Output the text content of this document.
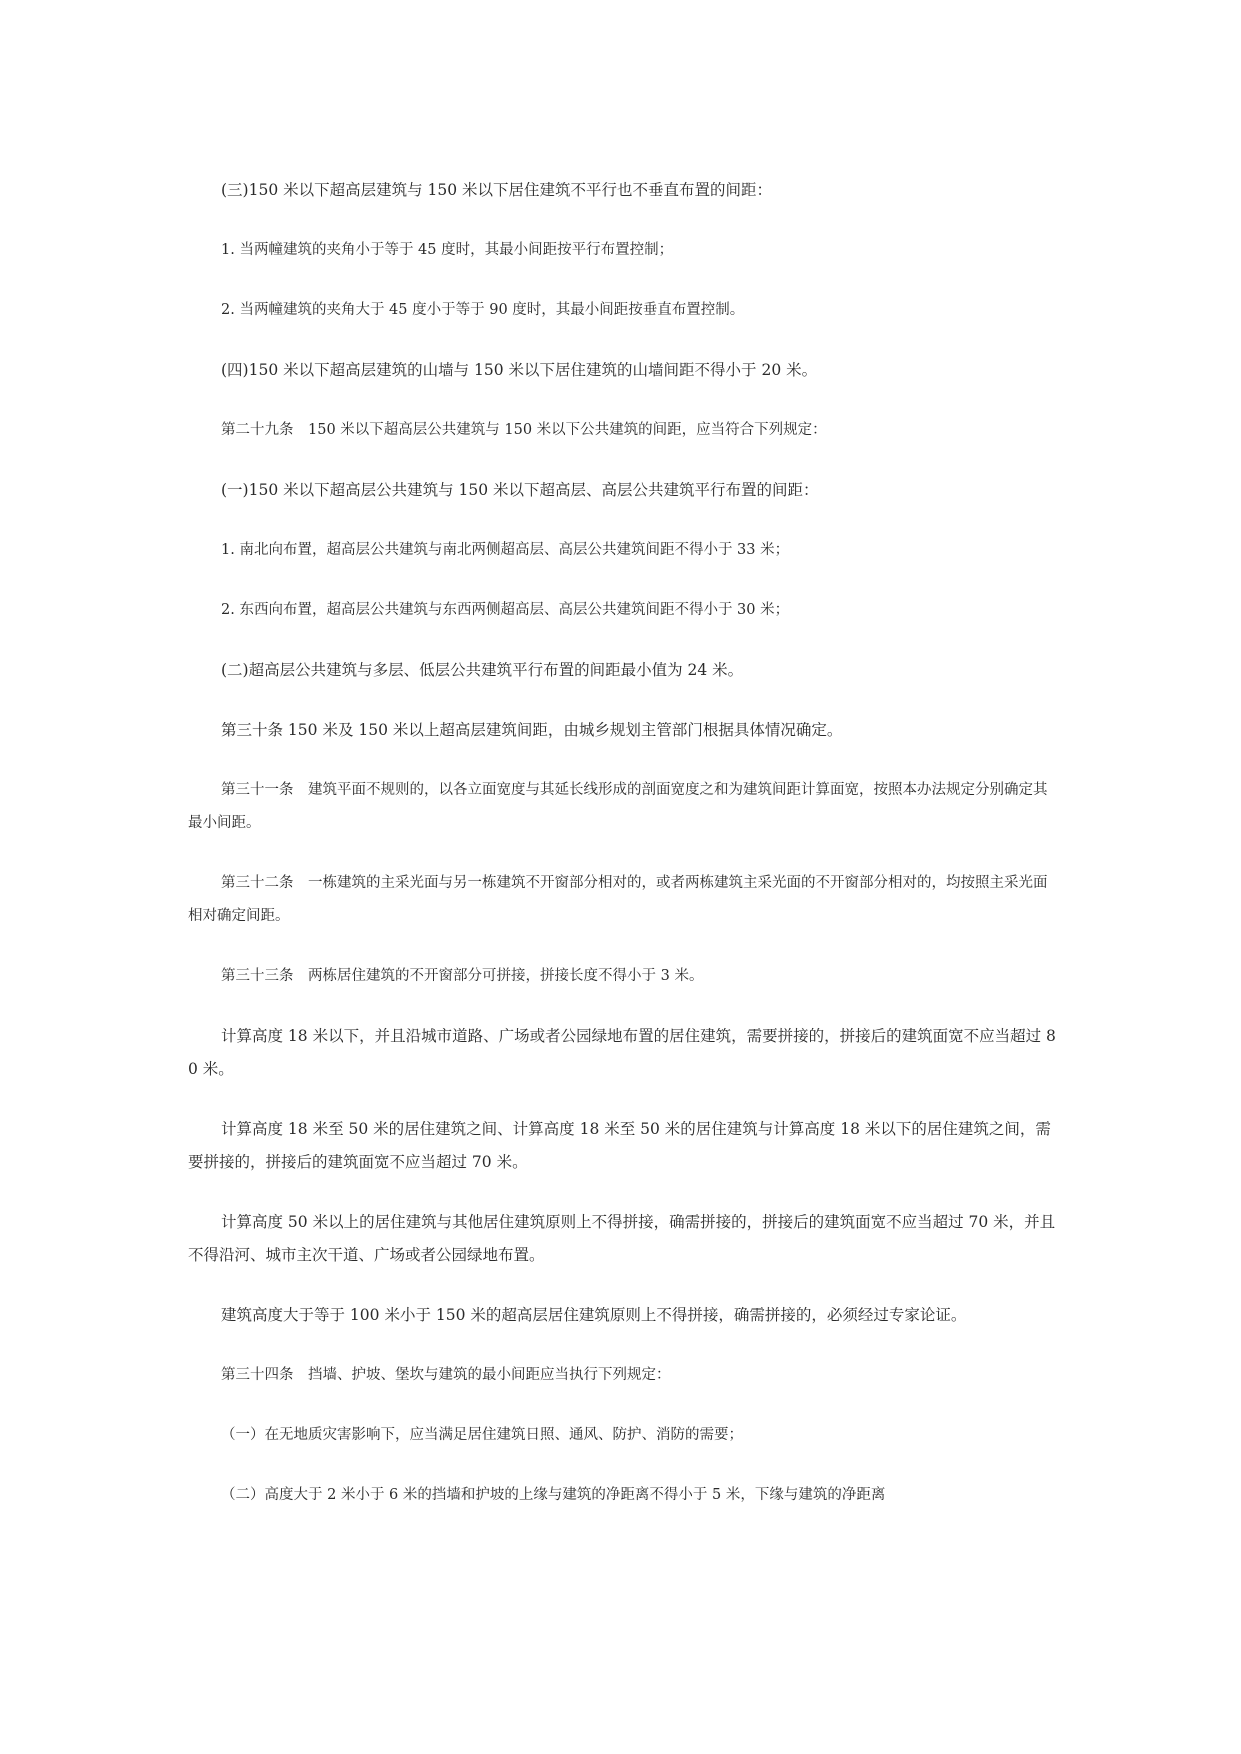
(三)150 米以下超高层建筑与 150 米以下居住建筑不平行也不垂直布置的间距：

1. 当两幢建筑的夹角小于等于 45 度时，其最小间距按平行布置控制；

2. 当两幢建筑的夹角大于 45 度小于等于 90 度时，其最小间距按垂直布置控制。

(四)150 米以下超高层建筑的山墙与 150 米以下居住建筑的山墙间距不得小于 20 米。

第二十九条　150 米以下超高层公共建筑与 150 米以下公共建筑的间距，应当符合下列规定：

(一)150 米以下超高层公共建筑与 150 米以下超高层、高层公共建筑平行布置的间距：

1. 南北向布置，超高层公共建筑与南北两侧超高层、高层公共建筑间距不得小于 33 米；

2. 东西向布置，超高层公共建筑与东西两侧超高层、高层公共建筑间距不得小于 30 米；

(二)超高层公共建筑与多层、低层公共建筑平行布置的间距最小值为 24 米。

第三十条 150 米及 150 米以上超高层建筑间距，由城乡规划主管部门根据具体情况确定。

第三十一条　建筑平面不规则的，以各立面宽度与其延长线形成的剖面宽度之和为建筑间距计算面宽，按照本办法规定分别确定其最小间距。

第三十二条　一栋建筑的主采光面与另一栋建筑不开窗部分相对的，或者两栋建筑主采光面的不开窗部分相对的，均按照主采光面相对确定间距。

第三十三条　两栋居住建筑的不开窗部分可拼接，拼接长度不得小于 3 米。

计算高度 18 米以下，并且沿城市道路、广场或者公园绿地布置的居住建筑，需要拼接的，拼接后的建筑面宽不应当超过 80 米。

计算高度 18 米至 50 米的居住建筑之间、计算高度 18 米至 50 米的居住建筑与计算高度 18 米以下的居住建筑之间，需要拼接的，拼接后的建筑面宽不应当超过 70 米。

计算高度 50 米以上的居住建筑与其他居住建筑原则上不得拼接，确需拼接的，拼接后的建筑面宽不应当超过 70 米，并且不得沿河、城市主次干道、广场或者公园绿地布置。

建筑高度大于等于 100 米小于 150 米的超高层居住建筑原则上不得拼接，确需拼接的，必须经过专家论证。

第三十四条　挡墙、护坡、堡坎与建筑的最小间距应当执行下列规定：

（一）在无地质灾害影响下，应当满足居住建筑日照、通风、防护、消防的需要；

（二）高度大于 2 米小于 6 米的挡墙和护坡的上缘与建筑的净距离不得小于 5 米，下缘与建筑的净距离
